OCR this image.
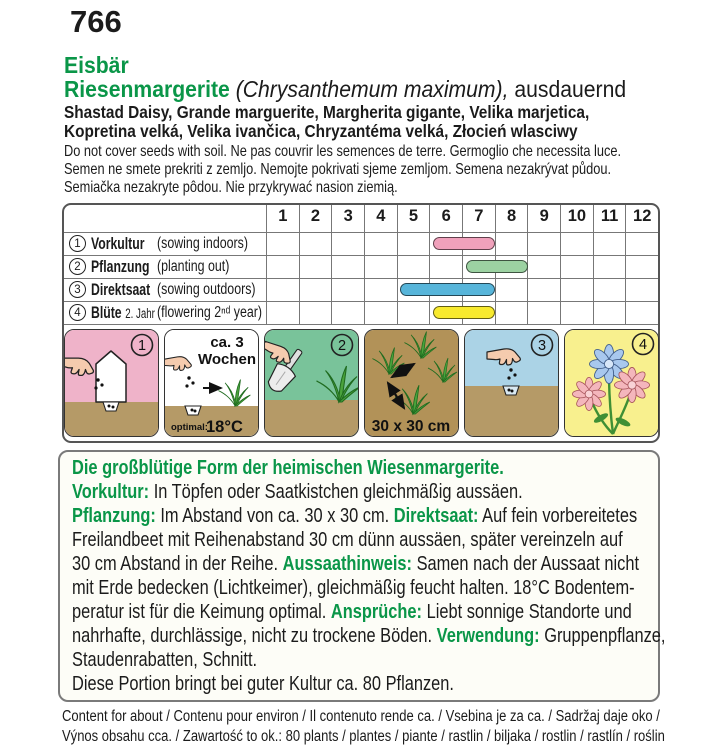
766
Eisbär
Riesenmargerite (Chrysanthemum maximum), ausdauernd
Shastad Daisy, Grande marguerite, Margherita gigante, Velika marjetica,
Kopretina velká, Velika ivančica, Chryzantéma velká, Złocień wlasciwy
Do not cover seeds with soil. Ne pas couvrir les semences de terre. Germoglio che necessita luce.
Semen ne smete prekriti z zemljo. Nemojte pokrivati sjeme zemljom. Semena nezakrývat půdou.
Semiačka nezakryte pôdou. Nie przykrywać nasion ziemią.
1	2	3	4	5	6	7	8	9	10 11 12
1 Vorkultur (sowing indoors)
2 Pflanzung (planting out)
3 Direktsaat (sowing outdoors)
4 Blüte 2. Jahr (flowering 2ⁿᵈ year)
1	ca. 3
Wochen
optimal:
18°C
2
30 x 30 cm
3	4
Die großblütige Form der heimischen Wiesenmargerite.
Vorkultur: In Töpfen oder Saatkistchen gleichmäßig aussäen.
Pflanzung: Im Abstand von ca. 30 x 30 cm. Direktsaat: Auf fein vorbereitetes
Freilandbeet mit Reihenabstand 30 cm dünn aussäen, später vereinzeln auf
30 cm Abstand in der Reihe. Aussaathinweis: Samen nach der Aussaat nicht
mit Erde bedecken (Lichtkeimer), gleichmäßig feucht halten. 18°C Bodentem-
peratur ist für die Keimung optimal. Ansprüche: Liebt sonnige Standorte und
nahrhafte, durchlässige, nicht zu trockene Böden. Verwendung: Gruppenpflanze,
Staudenrabatten, Schnitt.
Diese Portion bringt bei guter Kultur ca. 80 Pflanzen.
Content for about / Contenu pour environ / Il contenuto rende ca. / Vsebina je za ca. / Sadržaj daje oko /
Výnos obsahu cca. / Zawartość to ok.: 80 plants / plantes / piante / rastlin / biljaka / rostlin / rastlín / roślin
